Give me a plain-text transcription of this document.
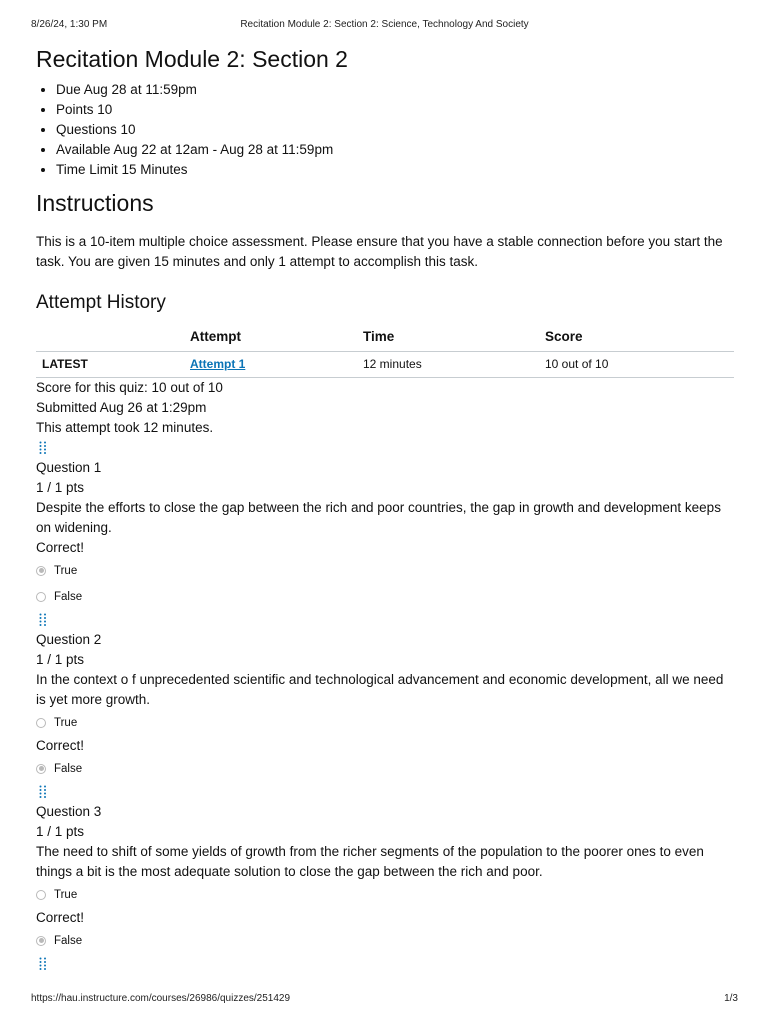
8/26/24, 1:30 PM	Recitation Module 2: Section 2: Science, Technology And Society
Recitation Module 2: Section 2
• Due Aug 28 at 11:59pm
• Points 10
• Questions 10
• Available Aug 22 at 12am - Aug 28 at 11:59pm
• Time Limit 15 Minutes
Instructions

This is a 10-item multiple choice assessment. Please ensure that you have a stable connection before you start the task. You are given 15 minutes and only 1 attempt to accomplish this task.

Attempt History
	Attempt	Time	Score
LATEST	Attempt 1	12 minutes	10 out of 10
Score for this quiz: 10 out of 10
Submitted Aug 26 at 1:29pm
This attempt took 12 minutes.
Question 1
1 / 1 pts
Despite the efforts to close the gap between the rich and poor countries, the gap in growth and development keeps on widening.
Correct!
True
False
Question 2
1 / 1 pts
In the context o f unprecedented scientific and technological advancement and economic development, all we need is yet more growth.
True
Correct!
False
Question 3
1 / 1 pts
The need to shift of some yields of growth from the richer segments of the population to the poorer ones to even things a bit is the most adequate solution to close the gap between the rich and poor.
True
Correct!
False
https://hau.instructure.com/courses/26986/quizzes/251429	1/3
